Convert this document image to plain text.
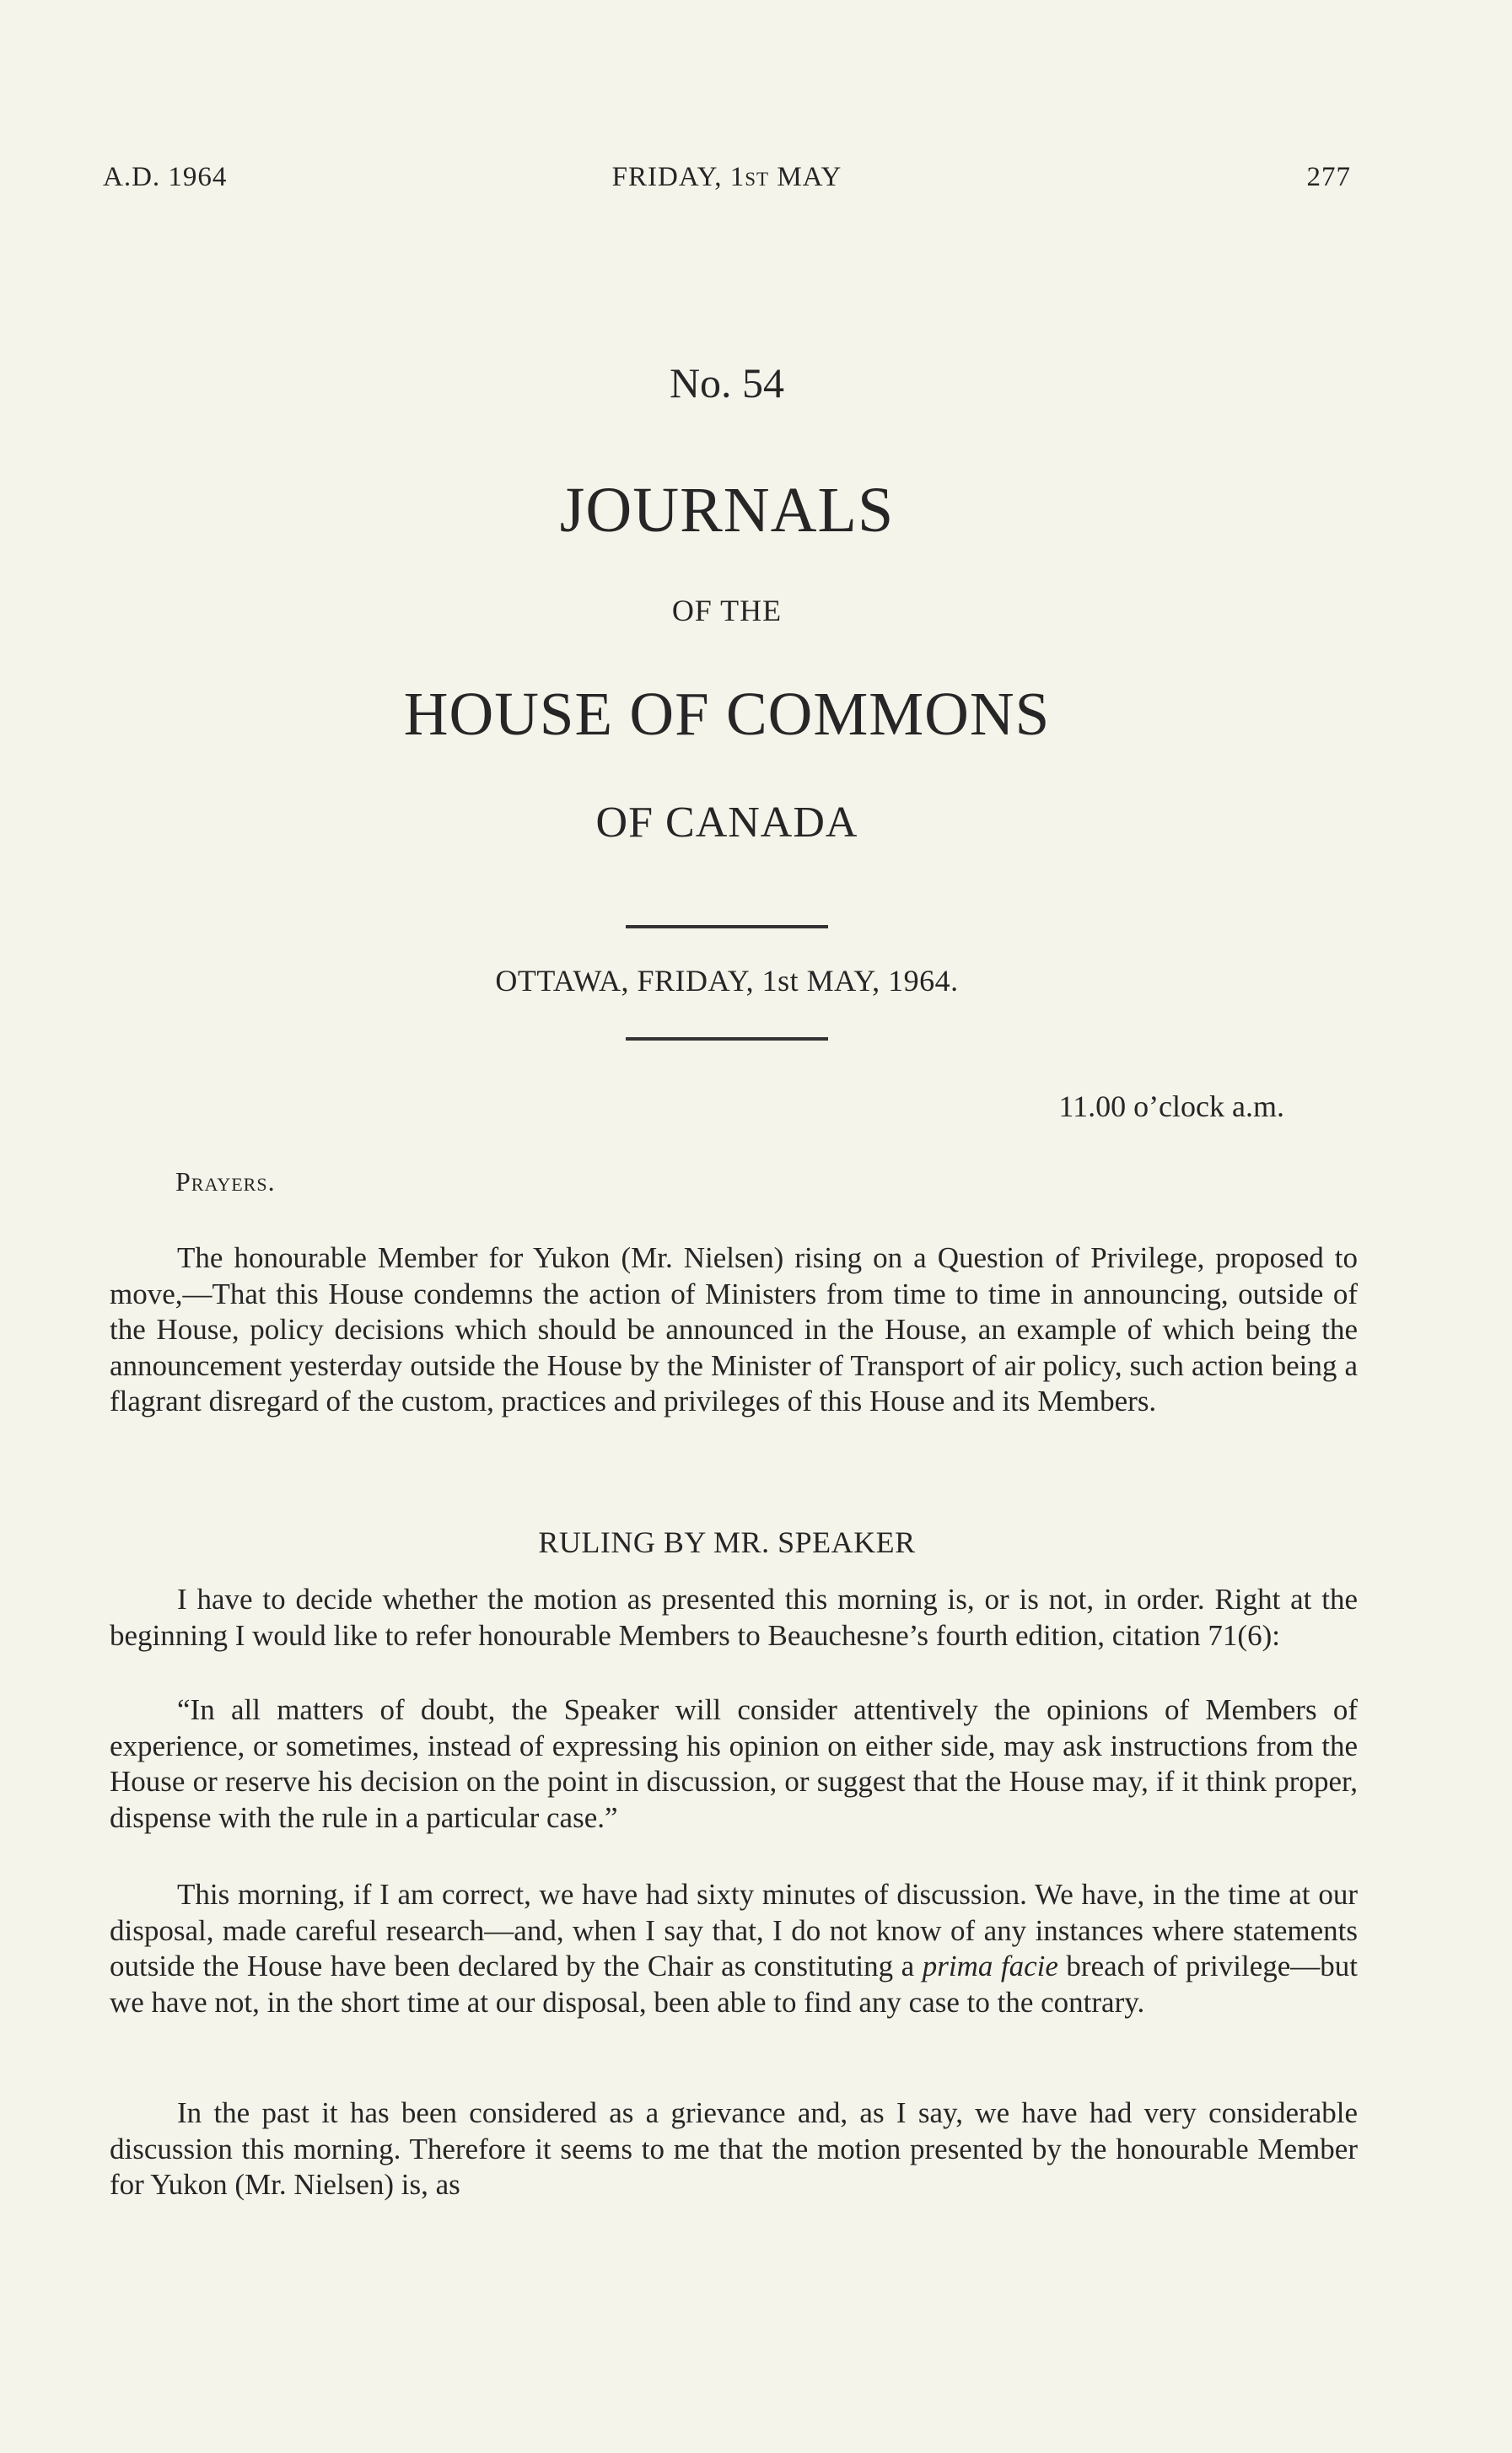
A.D. 1964	FRIDAY, 1st MAY	277
No. 54
JOURNALS
OF THE
HOUSE OF COMMONS
OF CANADA
OTTAWA, FRIDAY, 1st MAY, 1964.
11.00 o’clock a.m.
Prayers.

The honourable Member for Yukon (Mr. Nielsen) rising on a Question of Privilege, proposed to move,—That this House condemns the action of Ministers from time to time in announcing, outside of the House, policy decisions which should be announced in the House, an example of which being the announcement yesterday outside the House by the Minister of Transport of air policy, such action being a flagrant disregard of the custom, practices and privileges of this House and its Members.

RULING BY MR. SPEAKER

I have to decide whether the motion as presented this morning is, or is not, in order. Right at the beginning I would like to refer honourable Members to Beauchesne’s fourth edition, citation 71(6):

“In all matters of doubt, the Speaker will consider attentively the opinions of Members of experience, or sometimes, instead of expressing his opinion on either side, may ask instructions from the House or reserve his decision on the point in discussion, or suggest that the House may, if it think proper, dispense with the rule in a particular case.”

This morning, if I am correct, we have had sixty minutes of discussion. We have, in the time at our disposal, made careful research—and, when I say that, I do not know of any instances where statements outside the House have been declared by the Chair as constituting a prima facie breach of privilege—but we have not, in the short time at our disposal, been able to find any case to the contrary.

In the past it has been considered as a grievance and, as I say, we have had very considerable discussion this morning. Therefore it seems to me that the motion presented by the honourable Member for Yukon (Mr. Nielsen) is, as
